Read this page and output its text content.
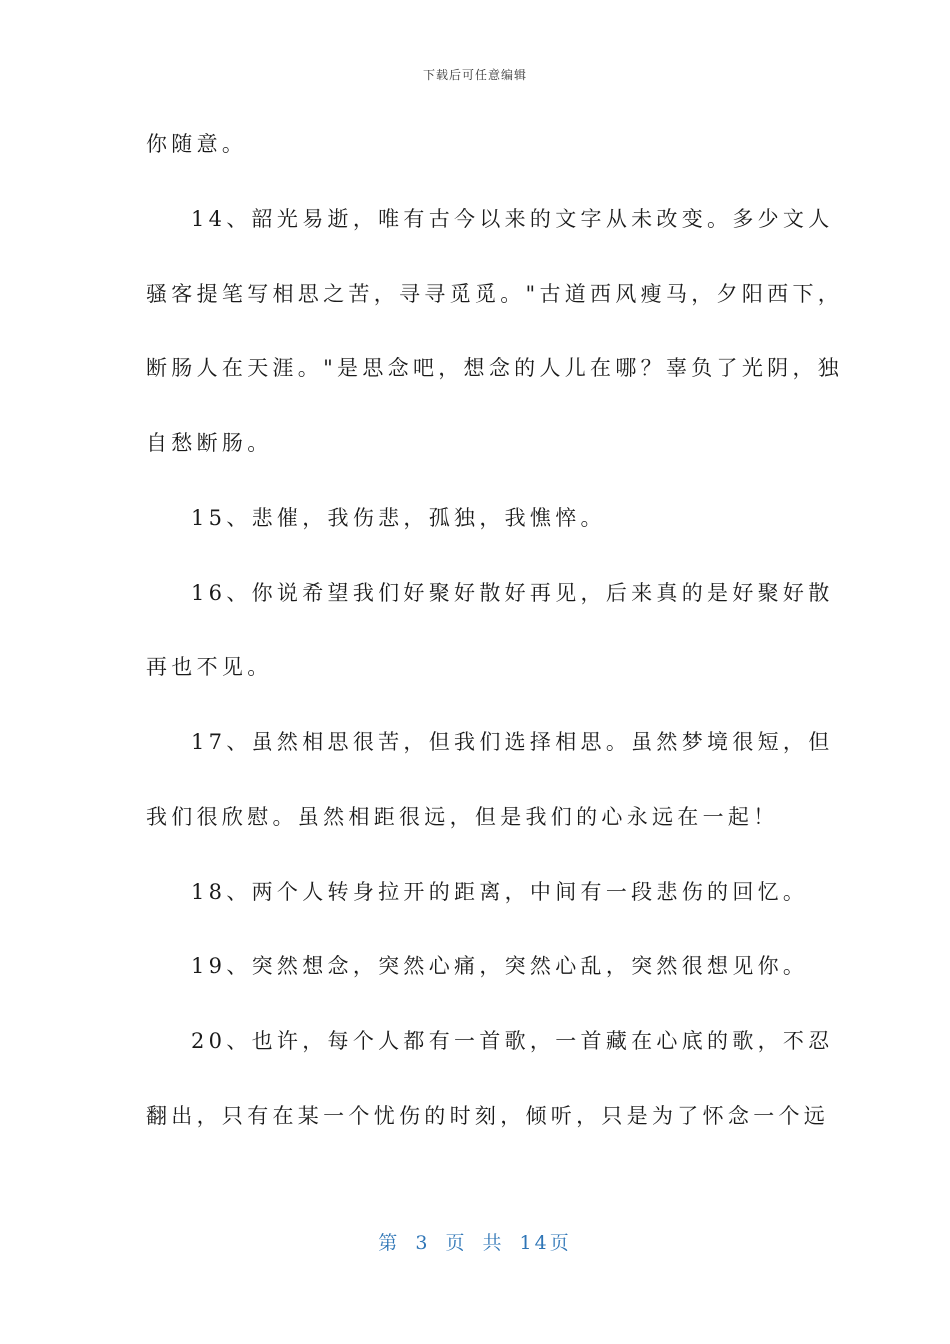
下载后可任意编辑
你随意。
14、韶光易逝，唯有古今以来的文字从未改变。多少文人
骚客提笔写相思之苦，寻寻觅觅。"古道西风瘦马，夕阳西下，
断肠人在天涯。"是思念吧，想念的人儿在哪？辜负了光阴，独
自愁断肠。
15、悲催，我伤悲，孤独，我憔悴。
16、你说希望我们好聚好散好再见，后来真的是好聚好散
再也不见。
17、虽然相思很苦，但我们选择相思。虽然梦境很短，但
我们很欣慰。虽然相距很远，但是我们的心永远在一起！
18、两个人转身拉开的距离，中间有一段悲伤的回忆。
19、突然想念，突然心痛，突然心乱，突然很想见你。
20、也许，每个人都有一首歌，一首藏在心底的歌，不忍
翻出，只有在某一个忧伤的时刻，倾听，只是为了怀念一个远
第 3 页 共 14页
